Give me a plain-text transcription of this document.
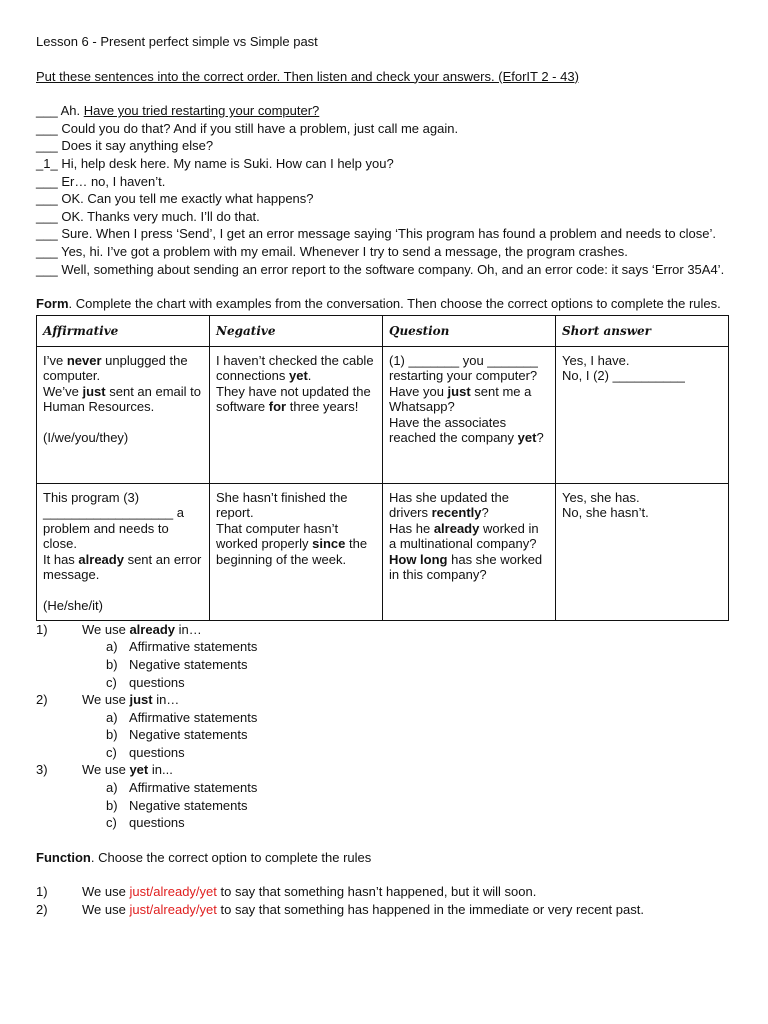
Lesson 6 - Present perfect simple vs Simple past
Put these sentences into the correct order. Then listen and check your answers. (EforIT 2 - 43)
___ Ah. Have you tried restarting your computer?
___ Could you do that? And if you still have a problem, just call me again.
___ Does it say anything else?
_1_ Hi, help desk here. My name is Suki. How can I help you?
___ Er… no, I haven’t.
___ OK. Can you tell me exactly what happens?
___ OK. Thanks very much. I’ll do that.
___ Sure. When I press ‘Send’, I get an error message saying ‘This program has found a problem and needs to close’.
___ Yes, hi. I’ve got a problem with my email. Whenever I try to send a message, the program crashes.
___ Well, something about sending an error report to the software company. Oh, and an error code: it says ‘Error 35A4’.
Form. Complete the chart with examples from the conversation. Then choose the correct options to complete the rules.
Affirmative	Negative	Question	Short answer

I’ve never unplugged the computer.
We’ve just sent an email to Human Resources.
(I/we/you/they)	I haven’t checked the cable connections yet.
They have not updated the software for three years!	(1) _______ you _______ restarting your computer?
Have you just sent me a Whatsapp?
Have the associates reached the company yet?	Yes, I have.
No, I (2) __________

This program (3) __________________ a problem and needs to close.
It has already sent an error message.
(He/she/it)	She hasn’t finished the report.
That computer hasn’t worked properly since the beginning of the week.	Has she updated the drivers recently?
Has he already worked in a multinational company?
How long has she worked in this company?	Yes, she has.
No, she hasn’t.
1)	We use already in…
a) Affirmative statements
b) Negative statements
c) questions
2)	We use just in…
a) Affirmative statements
b) Negative statements
c) questions
3)	We use yet in...
a) Affirmative statements
b) Negative statements
c) questions
Function. Choose the correct option to complete the rules
1)	We use just/already/yet to say that something hasn’t happened, but it will soon.
2)	We use just/already/yet to say that something has happened in the immediate or very recent past.
